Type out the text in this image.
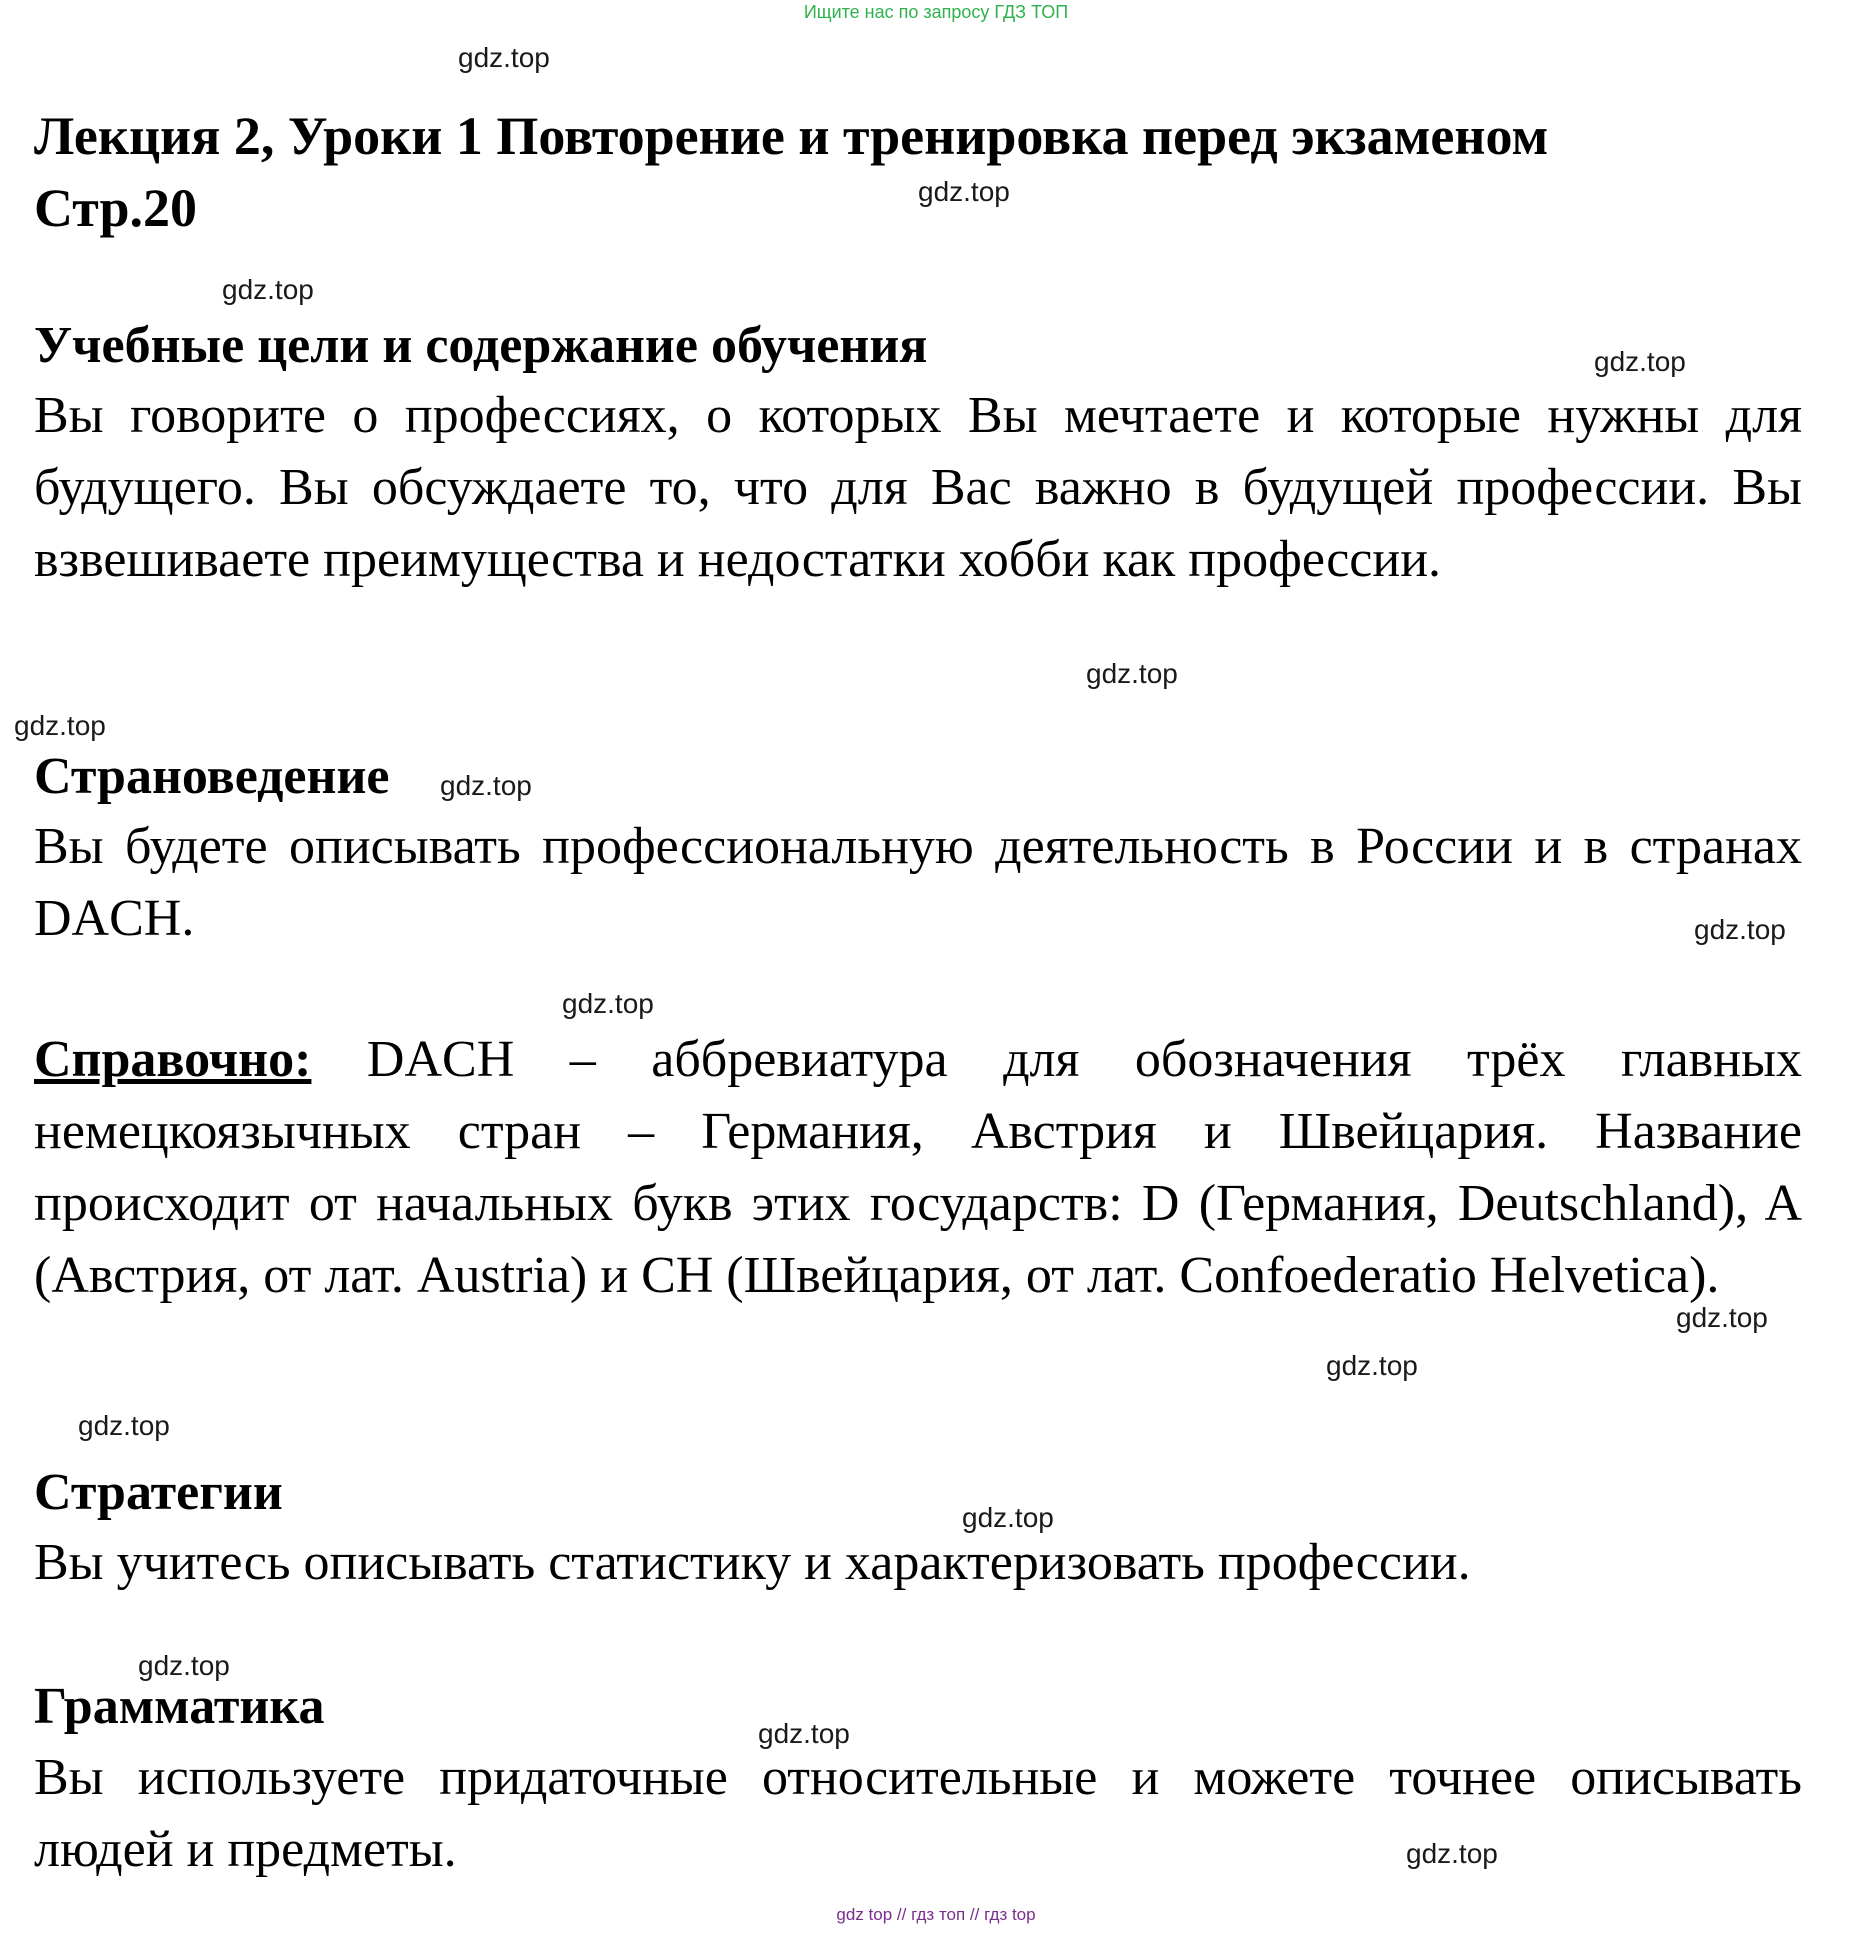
Ищите нас по запросу ГДЗ ТОП
Лекция 2, Уроки 1 Повторение и тренировка перед экзаменом
Стр.20
Учебные цели и содержание обучения

Вы говорите о профессиях, о которых Вы мечтаете и которые нужны для будущего. Вы обсуждаете то, что для Вас важно в будущей профессии. Вы взвешиваете преимущества и недостатки хобби как профессии.

Страноведение

Вы будете описывать профессиональную деятельность в России и в странах DACH.

Справочно: DACH – аббревиатура для обозначения трёх главных немецкоязычных стран – Германия, Австрия и Швейцария. Название происходит от начальных букв этих государств: D (Германия, Deutschland), A (Австрия, от лат. Austria) и CH (Швейцария, от лат. Confoederatio Helvetica).

Стратегии

Вы учитесь описывать статистику и характеризовать профессии.

Грамматика

Вы используете придаточные относительные и можете точнее описывать людей и предметы.

gdz.top
gdz.top
gdz.top
gdz.top
gdz.top
gdz.top
gdz.top
gdz.top
gdz.top
gdz.top
gdz.top
gdz.top
gdz.top
gdz.top
gdz.top
gdz.top
gdz top // гдз топ // гдз top
